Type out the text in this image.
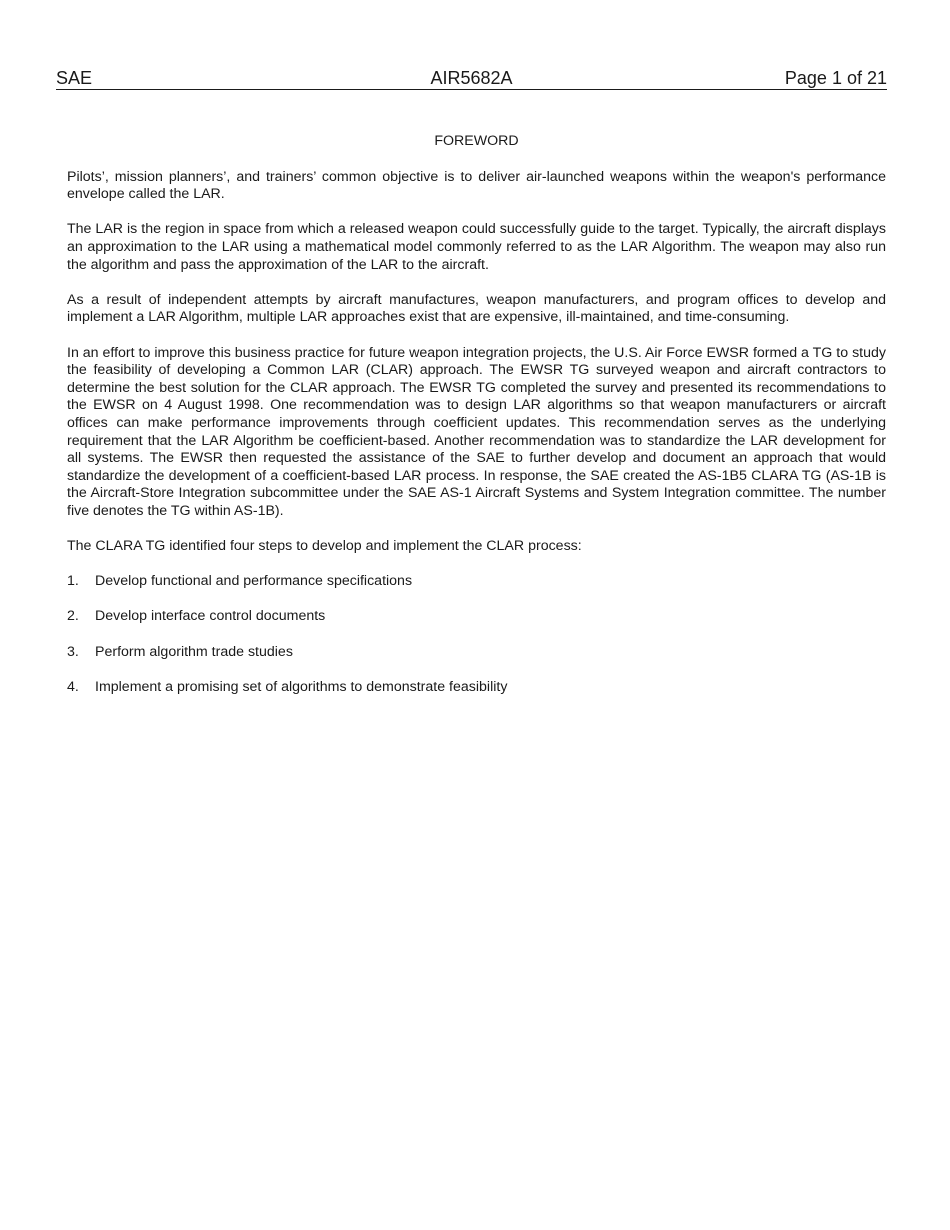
SAE	AIR5682A	Page 1 of 21
FOREWORD

Pilots’, mission planners’, and trainers’ common objective is to deliver air-launched weapons within the weapon's performance envelope called the LAR.

The LAR is the region in space from which a released weapon could successfully guide to the target. Typically, the aircraft displays an approximation to the LAR using a mathematical model commonly referred to as the LAR Algorithm. The weapon may also run the algorithm and pass the approximation of the LAR to the aircraft.

As a result of independent attempts by aircraft manufactures, weapon manufacturers, and program offices to develop and implement a LAR Algorithm, multiple LAR approaches exist that are expensive, ill-maintained, and time-consuming.

In an effort to improve this business practice for future weapon integration projects, the U.S. Air Force EWSR formed a TG to study the feasibility of developing a Common LAR (CLAR) approach. The EWSR TG surveyed weapon and aircraft contractors to determine the best solution for the CLAR approach. The EWSR TG completed the survey and presented its recommendations to the EWSR on 4 August 1998. One recommendation was to design LAR algorithms so that weapon manufacturers or aircraft offices can make performance improvements through coefficient updates. This recommendation serves as the underlying requirement that the LAR Algorithm be coefficient-based. Another recommendation was to standardize the LAR development for all systems. The EWSR then requested the assistance of the SAE to further develop and document an approach that would standardize the development of a coefficient-based LAR process. In response, the SAE created the AS-1B5 CLARA TG (AS-1B is the Aircraft-Store Integration subcommittee under the SAE AS-1 Aircraft Systems and System Integration committee. The number five denotes the TG within AS-1B).

The CLARA TG identified four steps to develop and implement the CLAR process:

1. Develop functional and performance specifications
2. Develop interface control documents
3. Perform algorithm trade studies
4. Implement a promising set of algorithms to demonstrate feasibility
